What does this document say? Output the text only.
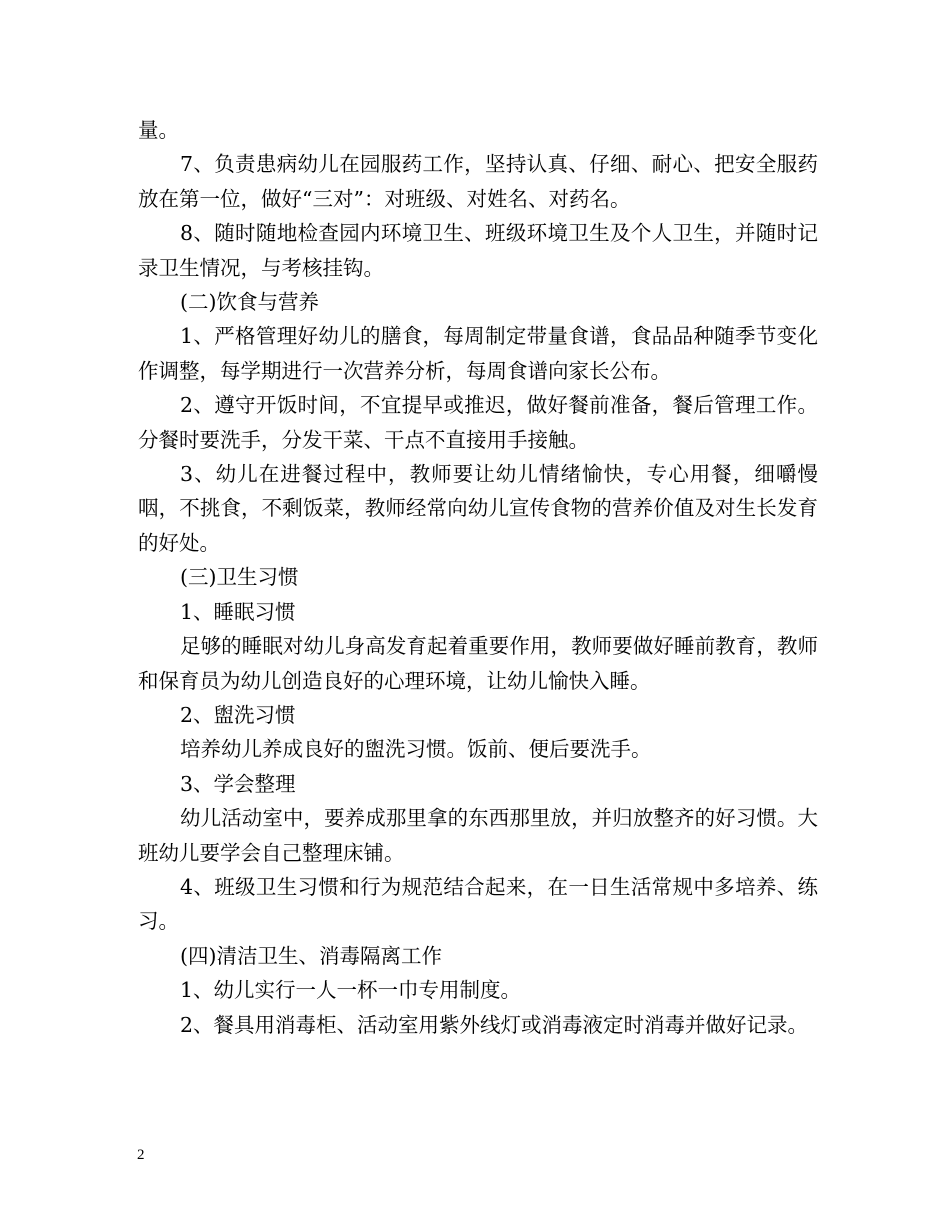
量。

7、负责患病幼儿在园服药工作，坚持认真、仔细、耐心、把安全服药放在第一位，做好“三对”：对班级、对姓名、对药名。

8、随时随地检查园内环境卫生、班级环境卫生及个人卫生，并随时记录卫生情况，与考核挂钩。

(二)饮食与营养

1、严格管理好幼儿的膳食，每周制定带量食谱，食品品种随季节变化作调整，每学期进行一次营养分析，每周食谱向家长公布。

2、遵守开饭时间，不宜提早或推迟，做好餐前准备，餐后管理工作。分餐时要洗手，分发干菜、干点不直接用手接触。

3、幼儿在进餐过程中，教师要让幼儿情绪愉快，专心用餐，细嚼慢咽，不挑食，不剩饭菜，教师经常向幼儿宣传食物的营养价值及对生长发育的好处。

(三)卫生习惯

1、睡眠习惯

足够的睡眠对幼儿身高发育起着重要作用，教师要做好睡前教育，教师和保育员为幼儿创造良好的心理环境，让幼儿愉快入睡。

2、盥洗习惯

培养幼儿养成良好的盥洗习惯。饭前、便后要洗手。

3、学会整理

幼儿活动室中，要养成那里拿的东西那里放，并归放整齐的好习惯。大班幼儿要学会自己整理床铺。

4、班级卫生习惯和行为规范结合起来，在一日生活常规中多培养、练习。

(四)清洁卫生、消毒隔离工作

1、幼儿实行一人一杯一巾专用制度。

2、餐具用消毒柜、活动室用紫外线灯或消毒液定时消毒并做好记录。

2
